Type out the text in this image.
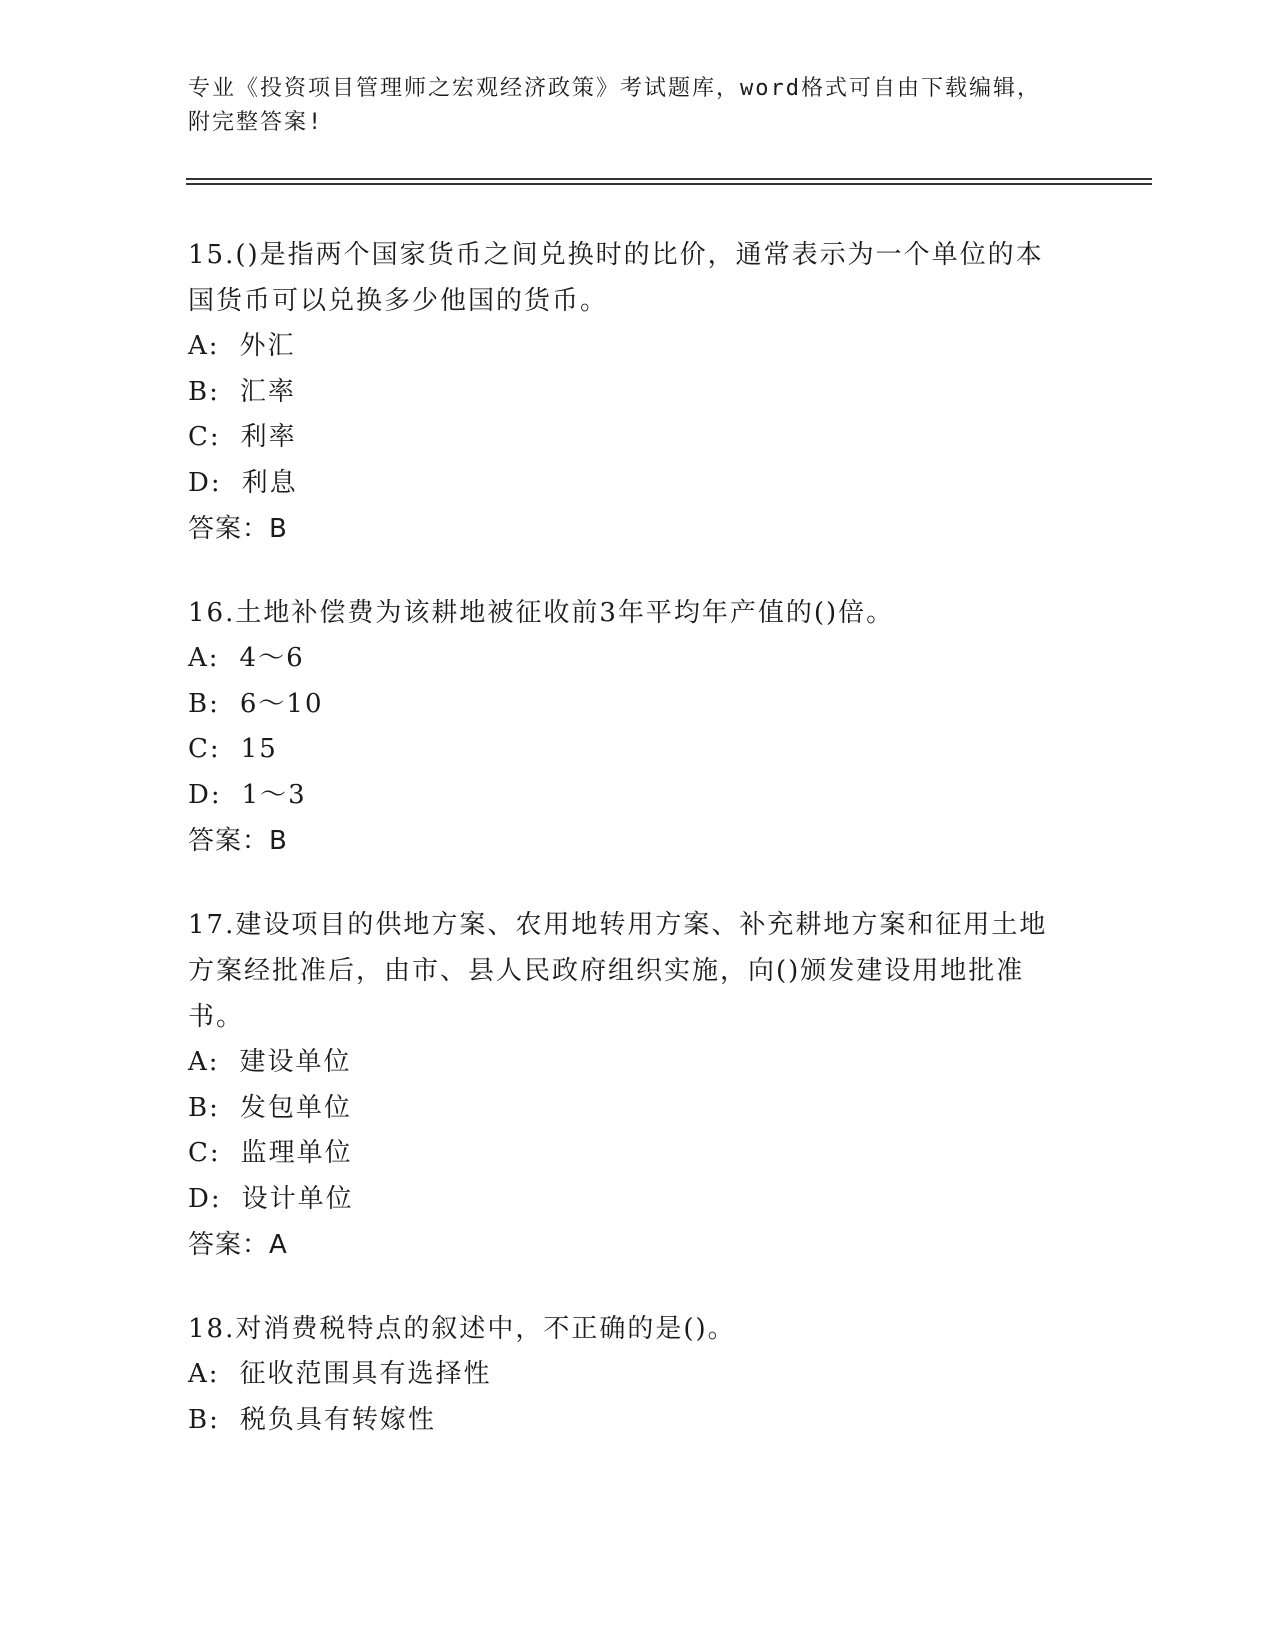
专业《投资项目管理师之宏观经济政策》考试题库，word格式可自由下载编辑，
附完整答案!
15.()是指两个国家货币之间兑换时的比价，通常表示为一个单位的本
国货币可以兑换多少他国的货币。
A: 外汇
B: 汇率
C: 利率
D: 利息
答案：B
16.土地补偿费为该耕地被征收前3年平均年产值的()倍。
A: 4～6
B: 6～10
C: 15
D: 1～3
答案：B
17.建设项目的供地方案、农用地转用方案、补充耕地方案和征用土地
方案经批准后，由市、县人民政府组织实施，向()颁发建设用地批准
书。
A: 建设单位
B: 发包单位
C: 监理单位
D: 设计单位
答案：A
18.对消费税特点的叙述中，不正确的是()。
A: 征收范围具有选择性
B: 税负具有转嫁性
